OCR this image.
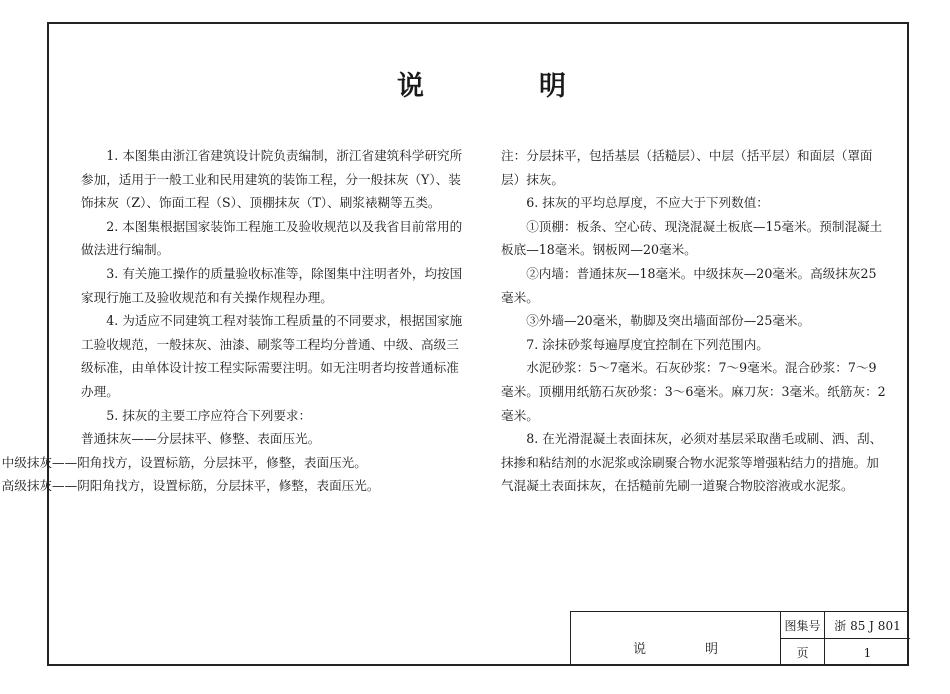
说	明

1. 本图集由浙江省建筑设计院负责编制，浙江省建筑科学研究所参加，适用于一般工业和民用建筑的装饰工程，分一般抹灰（Y）、装饰抹灰（Z）、饰面工程（S）、顶棚抹灰（T）、刷浆裱糊等五类。

2. 本图集根据国家装饰工程施工及验收规范以及我省目前常用的做法进行编制。

3. 有关施工操作的质量验收标准等，除图集中注明者外，均按国家现行施工及验收规范和有关操作规程办理。

4. 为适应不同建筑工程对装饰工程质量的不同要求，根据国家施工验收规范，一般抹灰、油漆、刷浆等工程均分普通、中级、高级三级标准，由单体设计按工程实际需要注明。如无注明者均按普通标准办理。

5. 抹灰的主要工序应符合下列要求：

普通抹灰——分层抹平、修整、表面压光。

中级抹灰——阳角找方，设置标筋，分层抹平，修整，表面压光。

高级抹灰——阴阳角找方，设置标筋，分层抹平，修整，表面压光。

注：分层抹平，包括基层（括糙层）、中层（括平层）和面层（罩面层）抹灰。

6. 抹灰的平均总厚度，不应大于下列数值：

①顶棚：板条、空心砖、现浇混凝土板底—15毫米。预制混凝土板底—18毫米。钢板网—20毫米。

②内墙：普通抹灰—18毫米。中级抹灰—20毫米。高级抹灰25毫米。

③外墙—20毫米，勒脚及突出墙面部份—25毫米。

7. 涂抹砂浆每遍厚度宜控制在下列范围内。

水泥砂浆：5～7毫米。石灰砂浆：7～9毫米。混合砂浆：7～9毫米。顶棚用纸筋石灰砂浆：3～6毫米。麻刀灰：3毫米。纸筋灰：2毫米。

8. 在光滑混凝土表面抹灰，必须对基层采取凿毛或刷、洒、刮、抹掺和粘结剂的水泥浆或涂刷聚合物水泥浆等增强粘结力的措施。加气混凝土表面抹灰，在括糙前先刷一道聚合物胶溶液或水泥浆。

说	明
图集号	浙 85 J 801
页	1
